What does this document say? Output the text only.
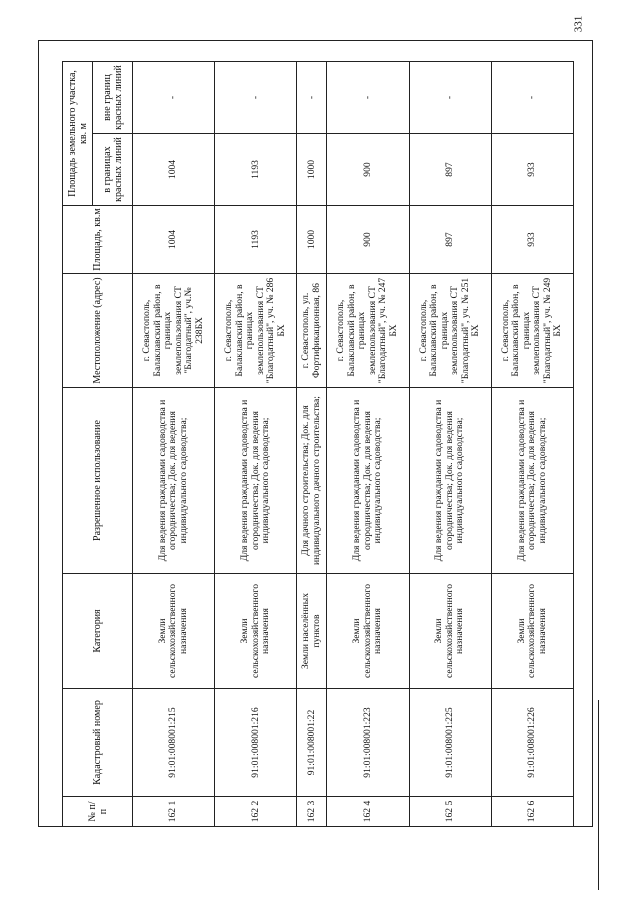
331
№ п/п	Кадастровый номер	Категория	Разрешенное использование	Местоположение (адрес)	Площадь, кв.м	Площадь земельного участка, кв. м	
						в границах красных линий	вне границ красных линий
162 1	91:01:008001:215	Земли сельскохозяйственного назначения	Для ведения гражданами садоводства и огородничества; Док. для ведения индивидуального садоводства;	г. Севастополь, Балаклавский район, в границах землепользования СТ "Благодатный", уч.№ 238БХ	1004	1004	-
162 2	91:01:008001:216	Земли сельскохозяйственного назначения	Для ведения гражданами садоводства и огородничества; Док. для ведения индивидуального садоводства;	г. Севастополь, Балаклавский район, в границах землепользования СТ "Благодатный", уч. № 286 БХ	1193	1193	-
162 3	91:01:008001:22	Земли населённых пунктов	Для дачного строительства; Док. для индивидуального дачного строительства;	г. Севастополь, ул. Фортификационная, 86	1000	1000	-
162 4	91:01:008001:223	Земли сельскохозяйственного назначения	Для ведения гражданами садоводства и огородничества; Док. для ведения индивидуального садоводства;	г. Севастополь, Балаклавский район, в границах землепользования СТ "Благодатный", уч. № 247 БХ	900	900	-
162 5	91:01:008001:225	Земли сельскохозяйственного назначения	Для ведения гражданами садоводства и огородничества; Док. для ведения индивидуального садоводства;	г. Севастополь, Балаклавский район, в границах землепользования СТ "Благодатный", уч. № 251 БХ	897	897	-
162 6	91:01:008001:226	Земли сельскохозяйственного назначения	Для ведения гражданами садоводства и огородничества; Док. для ведения индивидуального садоводства;	г. Севастополь, Балаклавский район, в границах землепользования СТ "Благодатный", уч. № 249 БХ	933	933	-
